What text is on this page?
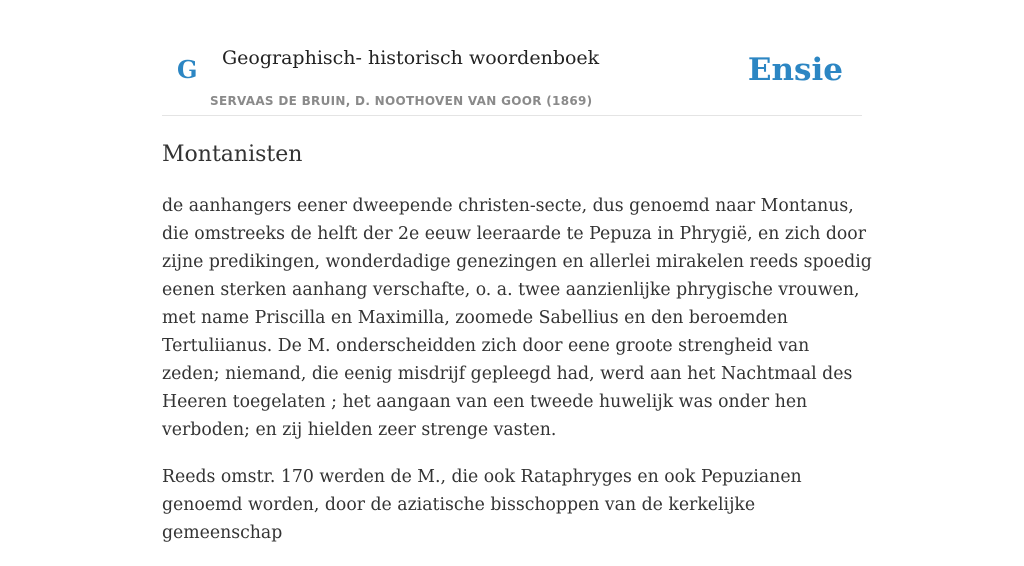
G Geographisch- historisch woordenboek
SERVAAS DE BRUIN, D. NOOTHOVEN VAN GOOR (1869)
Ensie
Montanisten

de aanhangers eener dweepende christen-secte, dus genoemd naar Montanus, die omstreeks de helft der 2e eeuw leeraarde te Pepuza in Phrygië, en zich door zijne predikingen, wonderdadige genezingen en allerlei mirakelen reeds spoedig eenen sterken aanhang verschafte, o. a. twee aanzienlijke phrygische vrouwen, met name Priscilla en Maximilla, zoomede Sabellius en den beroemden Tertuliianus. De M. onderscheidden zich door eene groote strengheid van zeden; niemand, die eenig misdrijf gepleegd had, werd aan het Nachtmaal des Heeren toegelaten ; het aangaan van een tweede huwelijk was onder hen verboden; en zij hielden zeer strenge vasten.

Reeds omstr. 170 werden de M., die ook Rataphryges en ook Pepuzianen genoemd worden, door de aziatische bisschoppen van de kerkelijke gemeenschap
